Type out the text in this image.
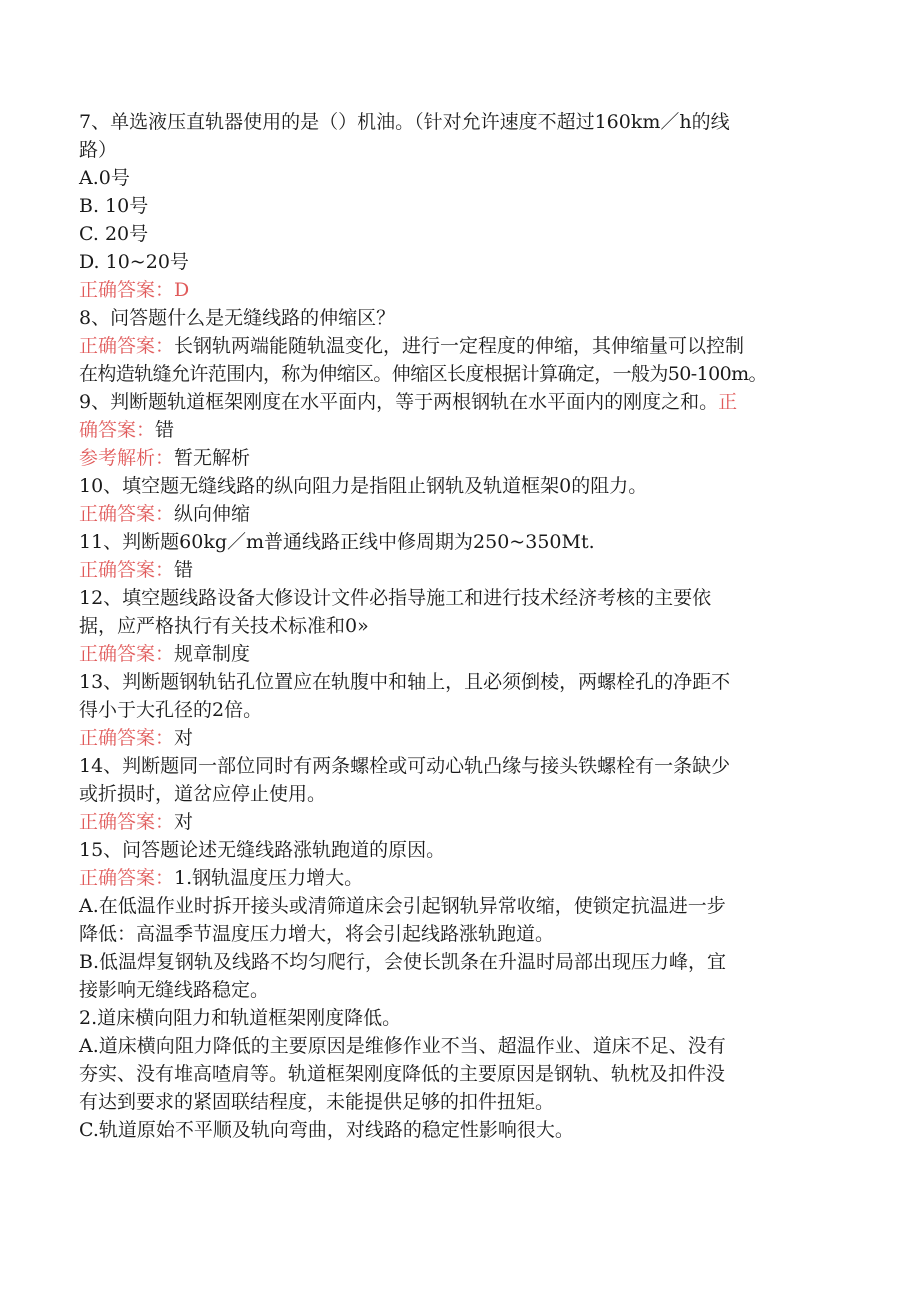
7、单选液压直轨器使用的是（）机油。（针对允许速度不超过160km／h的线
路）
A.0号
B. 10号
C. 20号
D. 10~20号
正确答案：D
8、问答题什么是无缝线路的伸缩区？
正确答案：长钢轨两端能随轨温变化，进行一定程度的伸缩，其伸缩量可以控制
在构造轨缝允许范围内，称为伸缩区。伸缩区长度根据计算确定，一般为50-100m。
9、判断题轨道框架刚度在水平面内，等于两根钢轨在水平面内的刚度之和。正
确答案：错
参考解析：暂无解析
10、填空题无缝线路的纵向阻力是指阻止钢轨及轨道框架0的阻力。
正确答案：纵向伸缩
11、判断题60kg／m普通线路正线中修周期为250~350Mt.
正确答案：错
12、填空题线路设备大修设计文件必指导施工和进行技术经济考核的主要依
据，应严格执行有关技术标准和0»
正确答案：规章制度
13、判断题钢轨钻孔位置应在轨腹中和轴上，且必须倒棱，两螺栓孔的净距不
得小于大孔径的2倍。
正确答案：对
14、判断题同一部位同时有两条螺栓或可动心轨凸缘与接头铁螺栓有一条缺少
或折损时，道岔应停止使用。
正确答案：对
15、问答题论述无缝线路涨轨跑道的原因。
正确答案：1.钢轨温度压力增大。
A.在低温作业时拆开接头或清筛道床会引起钢轨异常收缩，使锁定抗温进一步
降低：高温季节温度压力增大，将会引起线路涨轨跑道。
B.低温焊复钢轨及线路不均匀爬行，会使长凯条在升温时局部出现压力峰，宜
接影响无缝线路稳定。
2.道床横向阻力和轨道框架刚度降低。
A.道床横向阻力降低的主要原因是维修作业不当、超温作业、道床不足、没有
夯实、没有堆高喳肩等。轨道框架刚度降低的主要原因是钢轨、轨枕及扣件没
有达到要求的紧固联结程度，未能提供足够的扣件扭矩。
C.轨道原始不平顺及轨向弯曲，对线路的稳定性影响很大。
